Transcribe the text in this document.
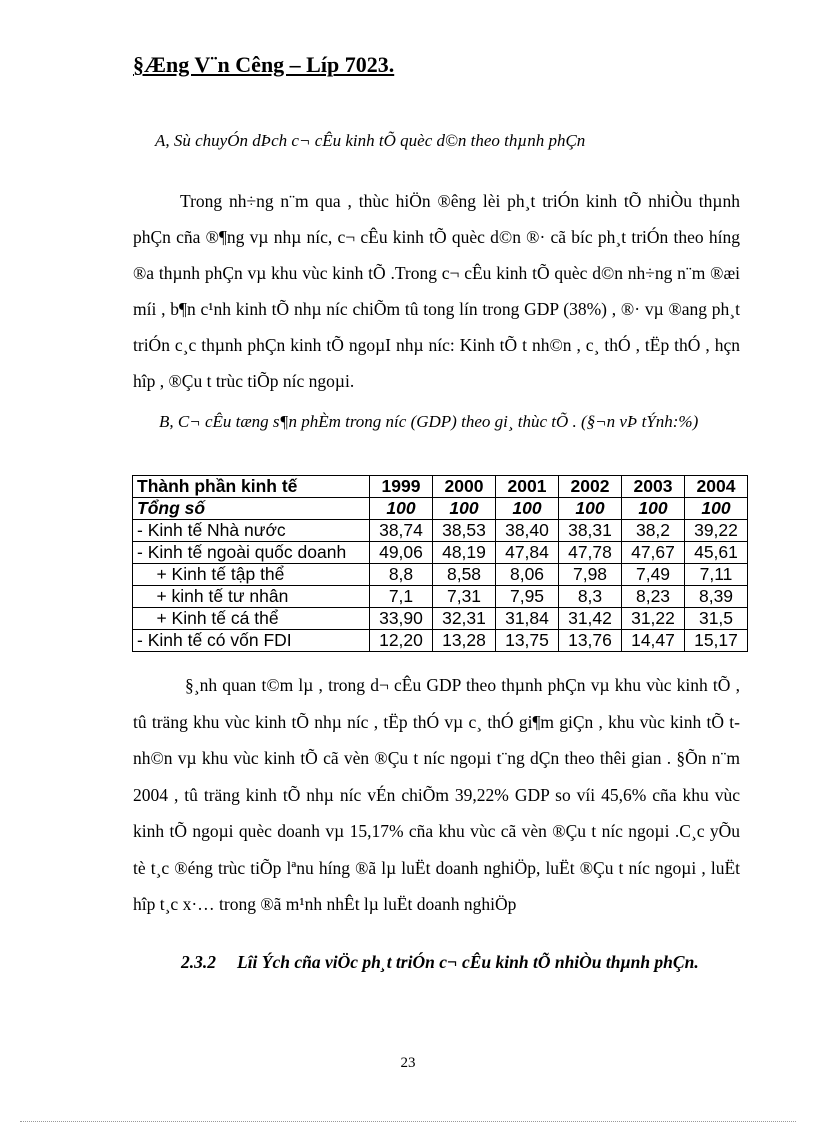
§Æng V¨n Cêng – Líp 7023.
A, Sù chuyÓn dÞch c¬ cÊu kinh tÕ quèc d©n theo thµnh phÇn
Trong nh÷ng n¨m qua , thùc hiÖn ®êng lèi ph¸t triÓn kinh tÕ nhiÒu thµnh phÇn cña ®¶ng vµ nhµ níc, c¬ cÊu kinh tÕ quèc d©n ®· cã bíc ph¸t triÓn theo híng ®a thµnh phÇn vµ khu vùc kinh tÕ .Trong c¬ cÊu kinh tÕ quèc d©n nh÷ng n¨m ®æi míi , b¶n c¹nh kinh tÕ nhµ níc chiÕm tû tong lín trong GDP (38%) , ®· vµ ®ang ph¸t triÓn c¸c thµnh phÇn kinh tÕ ngoµI nhµ níc: Kinh tÕ t nh©n , c¸ thÓ , tËp thÓ , hçn hîp , ®Çu t trùc tiÕp níc ngoµi.
B, C¬ cÊu tæng s¶n phÈm trong níc (GDP) theo gi¸ thùc tÕ . (§¬n vÞ tÝnh:%)
Thành phần kinh tế	1999	2000	2001	2002	2003	2004
Tổng số	100	100	100	100	100	100
- Kinh tế Nhà nước	38,74	38,53	38,40	38,31	38,2	39,22
- Kinh tế ngoài quốc doanh	49,06	48,19	47,84	47,78	47,67	45,61
+ Kinh tế tập thể	8,8	8,58	8,06	7,98	7,49	7,11
+ kinh tế tư nhân	7,1	7,31	7,95	8,3	8,23	8,39
+ Kinh tế cá thể	33,90	32,31	31,84	31,42	31,22	31,5
- Kinh tế có vốn FDI	12,20	13,28	13,75	13,76	14,47	15,17
§¸nh quan t©m lµ , trong d¬ cÊu GDP theo thµnh phÇn vµ khu vùc kinh tÕ , tû träng khu vùc kinh tÕ nhµ níc , tËp thÓ vµ c¸ thÓ gi¶m giÇn , khu vùc kinh tÕ t nh©n vµ khu vùc kinh tÕ cã vèn ®Çu t níc ngoµi t¨ng dÇn theo thêi gian . §Õn n¨m 2004 , tû träng kinh tÕ nhµ níc vÉn chiÕm 39,22% GDP so víi 45,6% cña khu vùc kinh tÕ ngoµi quèc doanh vµ 15,17% cña khu vùc cã vèn ®Çu t níc ngoµi .C¸c yÕu tè t¸c ®éng trùc tiÕp lªnu híng ®ã lµ luËt doanh nghiÖp, luËt ®Çu t níc ngoµi , luËt hîp t¸c x·… trong ®ã m¹nh nhÊt lµ luËt doanh nghiÖp
2.3.2 Lîi Ých cña viÖc ph¸t triÓn c¬ cÊu kinh tÕ nhiÒu thµnh phÇn.
23
